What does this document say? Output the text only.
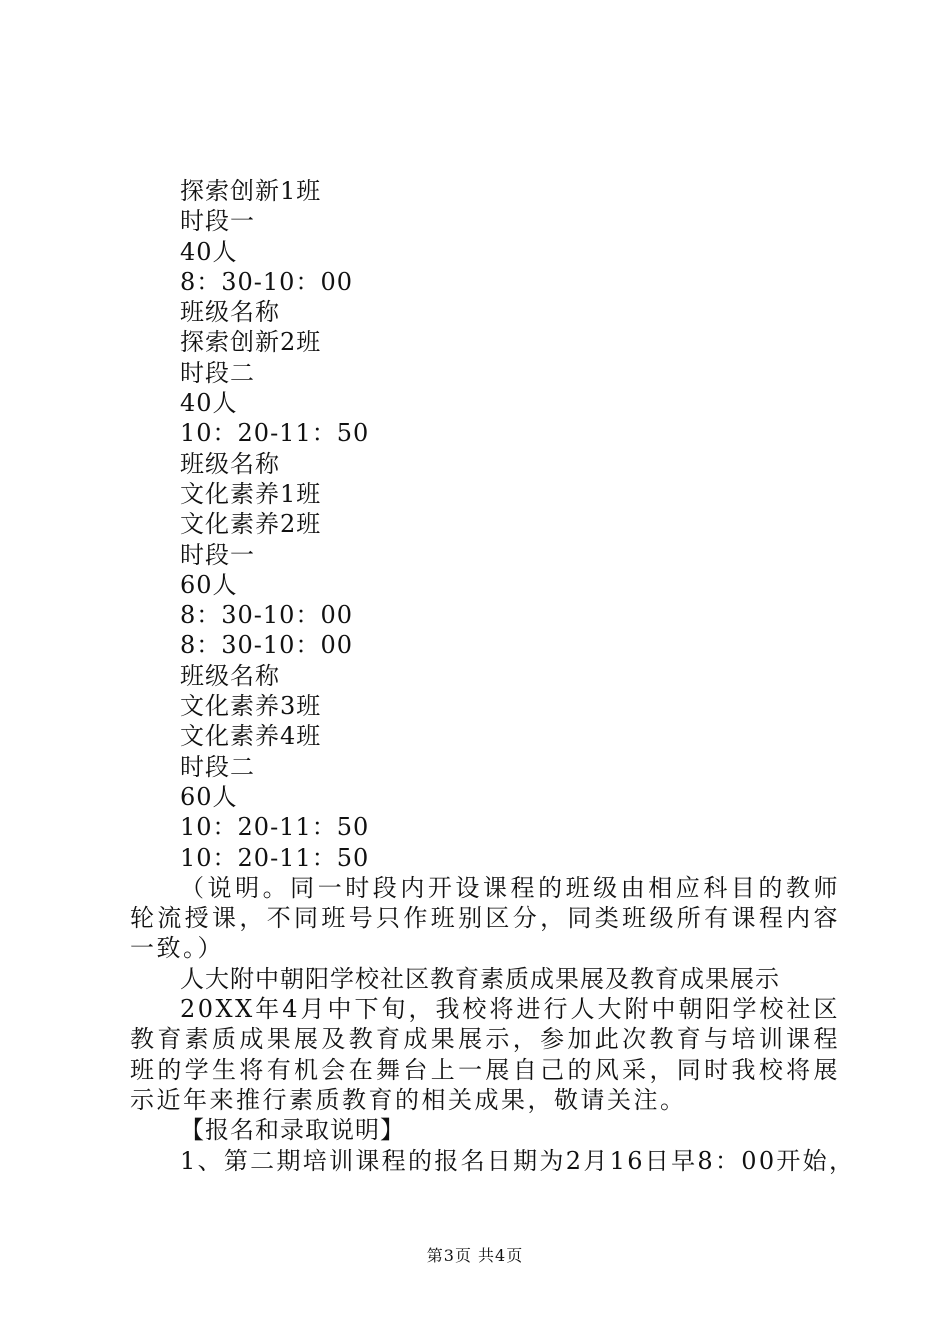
探索创新1班
时段一
40人
8：30-10：00
班级名称
探索创新2班
时段二
40人
10：20-11：50
班级名称
文化素养1班
文化素养2班
时段一
60人
8：30-10：00
8：30-10：00
班级名称
文化素养3班
文化素养4班
时段二
60人
10：20-11：50
10：20-11：50
（说明。同一时段内开设课程的班级由相应科目的教师轮流授课，不同班号只作班别区分，同类班级所有课程内容一致。）
人大附中朝阳学校社区教育素质成果展及教育成果展示
20XX年4月中下旬，我校将进行人大附中朝阳学校社区教育素质成果展及教育成果展示，参加此次教育与培训课程班的学生将有机会在舞台上一展自己的风采，同时我校将展示近年来推行素质教育的相关成果，敬请关注。
【报名和录取说明】
1、第二期培训课程的报名日期为2月16日早8：00开始，
第3页 共4页
